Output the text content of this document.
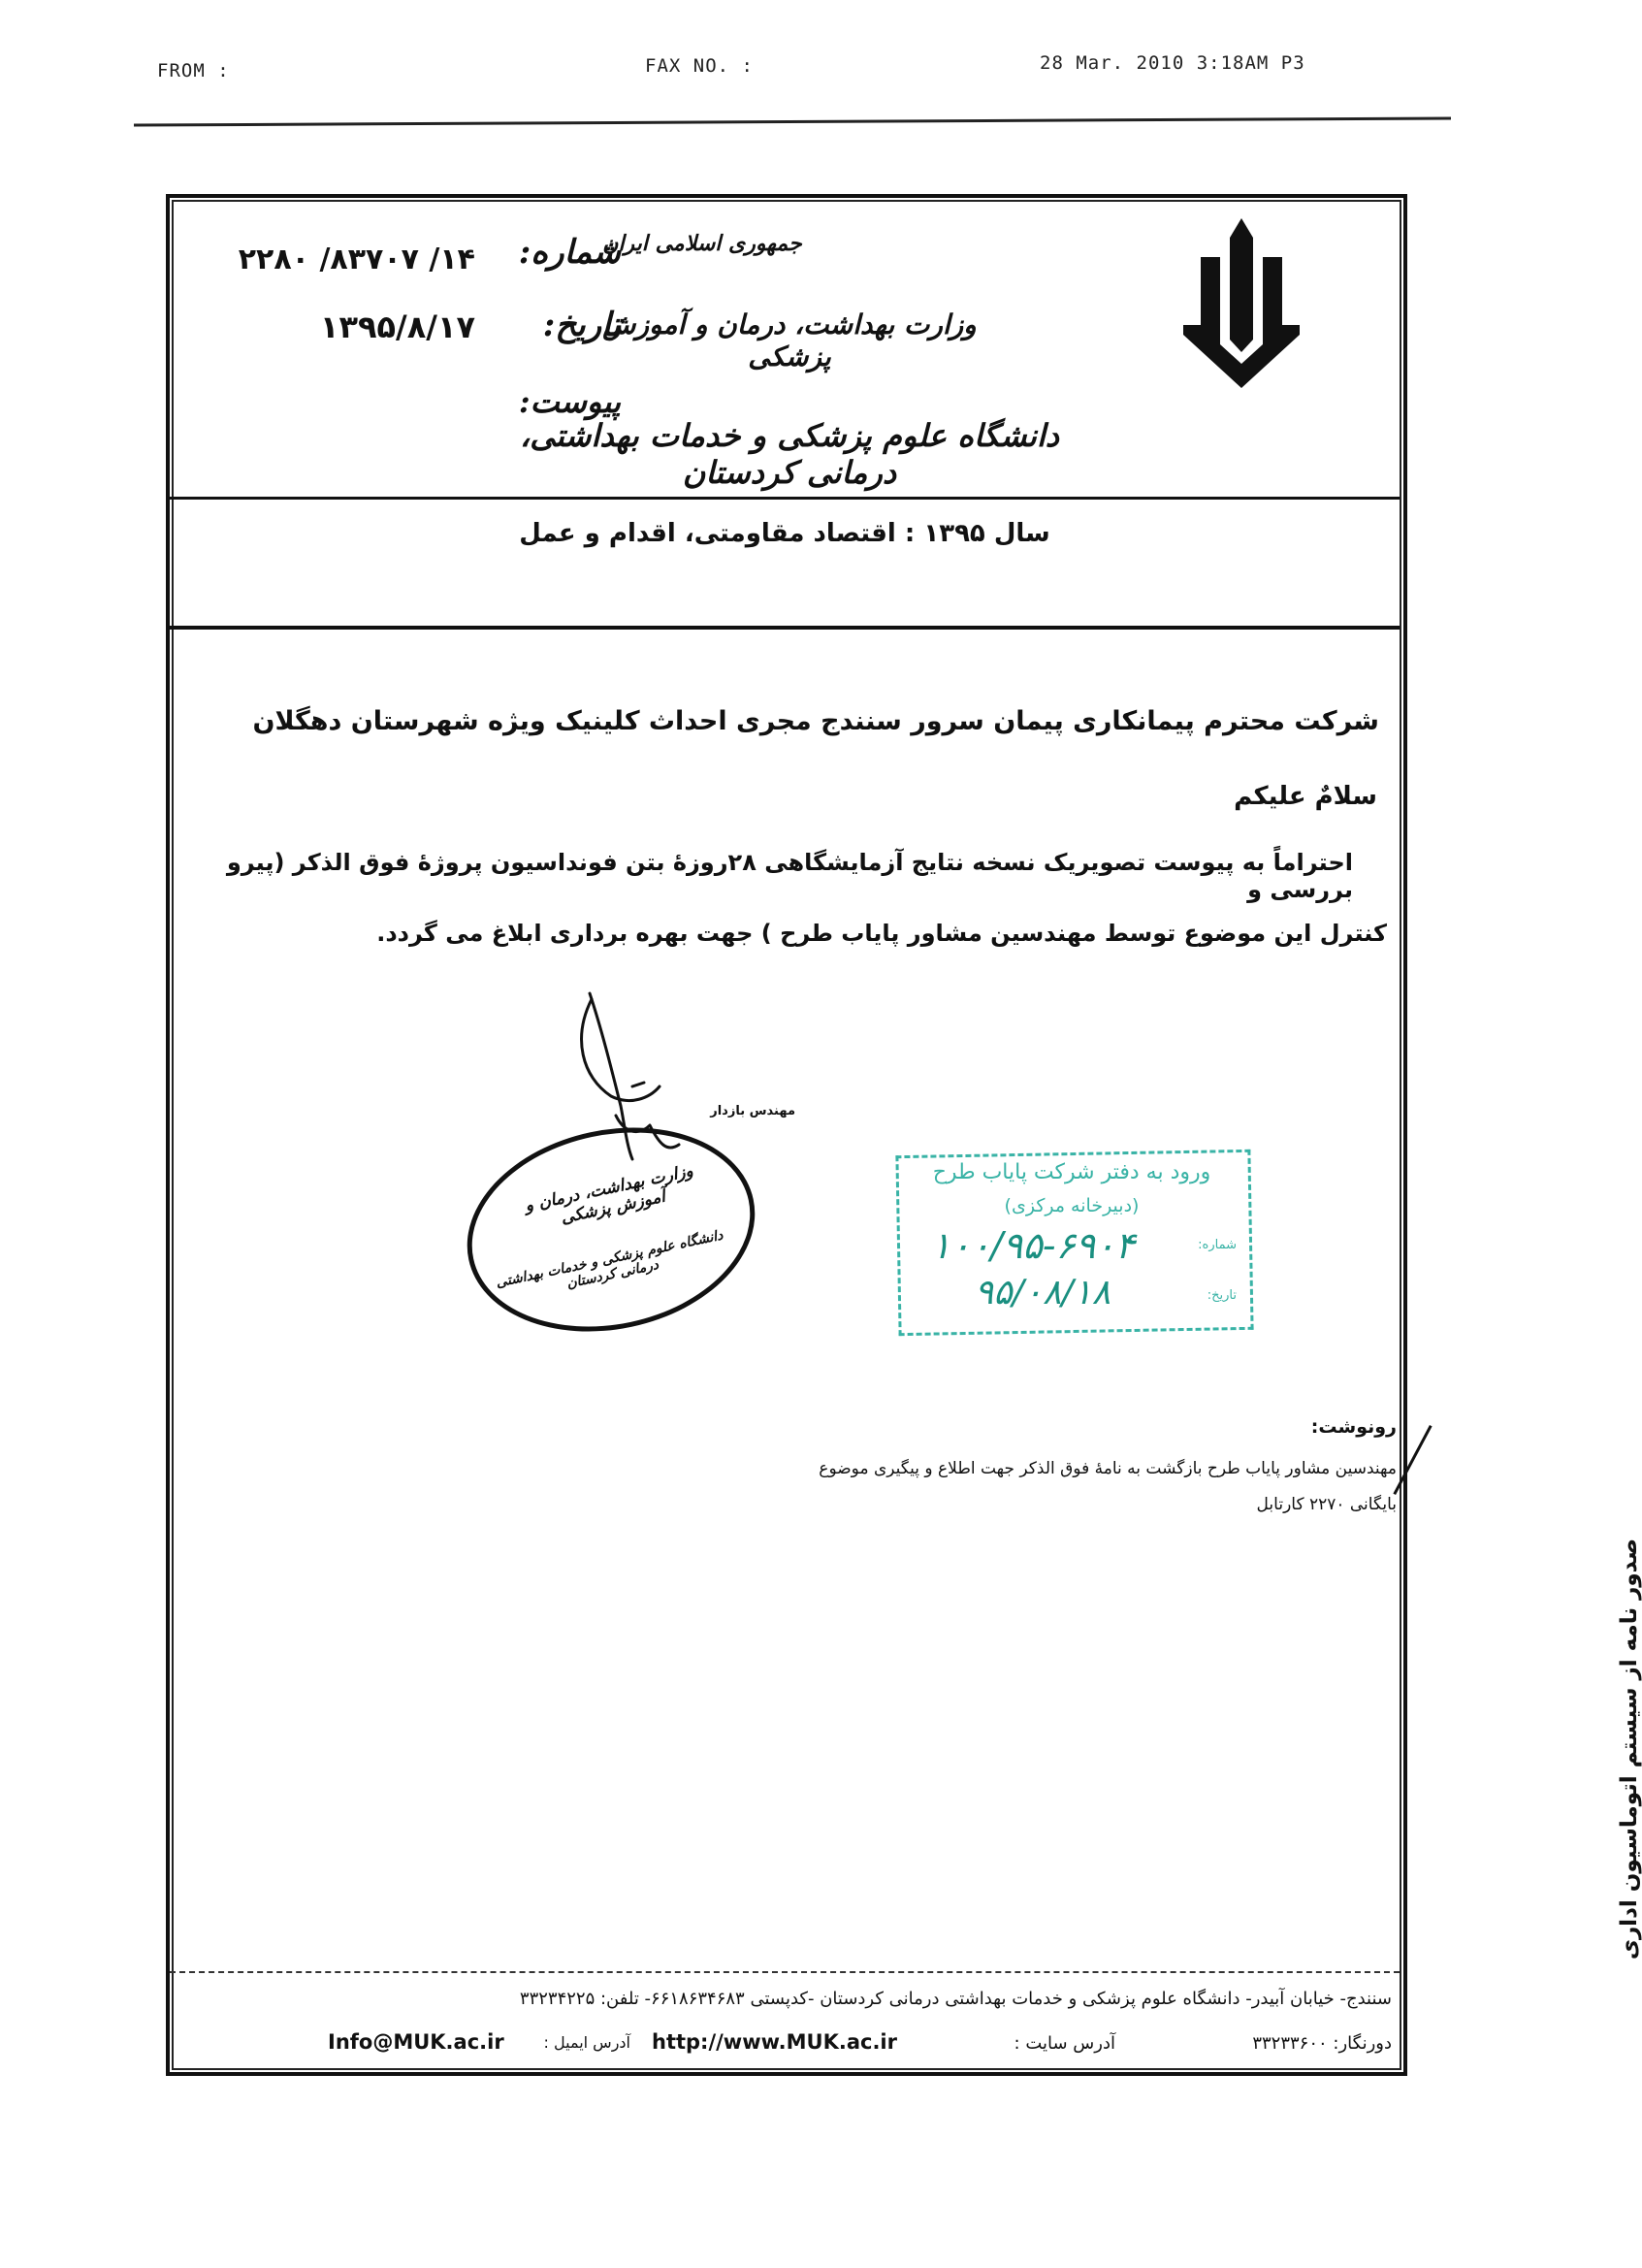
FROM :	FAX NO. :	28 Mar. 2010 3:18AM P3
جمهوری اسلامی ایران
وزارت بهداشت، درمان و آموزش پزشکی
دانشگاه علوم پزشکی و خدمات بهداشتی، درمانی کردستان
شماره:
۱۴/ ۸۳۷۰۷/ ۲۲۸۰
تاریخ:
۱۳۹۵/۸/۱۷
پیوست:
سال ۱۳۹۵ : اقتصاد مقاومتی، اقدام و عمل
شرکت محترم پیمانکاری پیمان سرور سنندج مجری احداث کلینیک ویژه شهرستان دهگلان
سلامٌ علیکم
احتراماً به پیوست تصویریک نسخه نتایج آزمایشگاهی ۲۸روزهٔ بتن فونداسیون پروژهٔ فوق الذکر (پیرو بررسی و
کنترل این موضوع توسط مهندسین مشاور پایاب طرح ) جهت بهره برداری ابلاغ می گردد.
مهندس بازدار
وزارت بهداشت، درمان و آموزش پزشکی
دانشگاه علوم پزشکی و خدمات بهداشتی درمانی کردستان
ورود به دفتر شرکت پایاب طرح
(دبیرخانه مرکزی)
شماره:
۱۰۰/۹۵-۶۹۰۴
تاریخ:
۹۵/۰۸/۱۸
رونوشت:
مهندسین مشاور پایاب طرح بازگشت به نامهٔ فوق الذکر جهت اطلاع و پیگیری موضوع
بایگانی ۲۲۷۰ کارتابل
صدور نامه از سیستم اتوماسیون اداری
سنندج- خیابان آبیدر- دانشگاه علوم پزشکی و خدمات بهداشتی درمانی کردستان -کدپستی ۶۶۱۸۶۳۴۶۸۳- تلفن: ۳۳۲۳۴۲۲۵
دورنگار: ۳۳۲۳۳۶۰۰
آدرس سایت :
http://www.MUK.ac.ir
آدرس ایمیل :
Info@MUK.ac.ir
